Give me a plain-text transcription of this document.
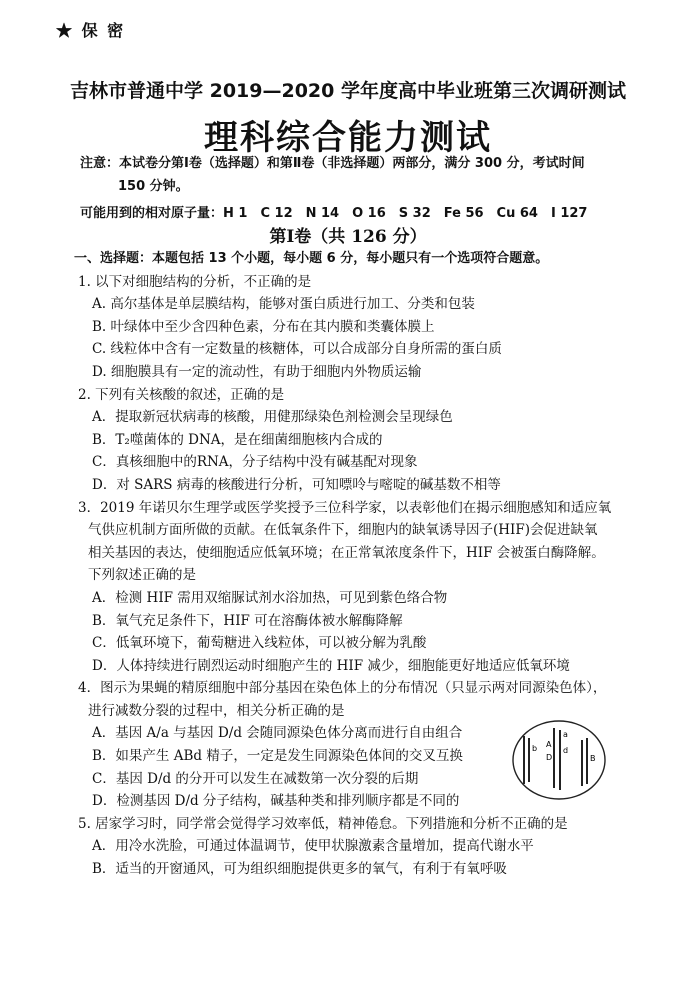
★ 保 密
吉林市普通中学 2019—2020 学年度高中毕业班第三次调研测试
理科综合能力测试
注意：本试卷分第Ⅰ卷（选择题）和第Ⅱ卷（非选择题）两部分，满分 300 分，考试时间
150 分钟。
可能用到的相对原子量：H 1　C 12　N 14　O 16　S 32　Fe 56　Cu 64　I 127
第Ⅰ卷（共 126 分）
一、选择题：本题包括 13 个小题，每小题 6 分，每小题只有一个选项符合题意。
1. 以下对细胞结构的分析，不正确的是
A. 高尔基体是单层膜结构，能够对蛋白质进行加工、分类和包装
B. 叶绿体中至少含四种色素，分布在其内膜和类囊体膜上
C. 线粒体中含有一定数量的核糖体，可以合成部分自身所需的蛋白质
D. 细胞膜具有一定的流动性，有助于细胞内外物质运输
2. 下列有关核酸的叙述，正确的是
A．提取新冠状病毒的核酸，用健那绿染色剂检测会呈现绿色
B．T₂噬菌体的 DNA，是在细菌细胞核内合成的
C．真核细胞中的RNA，分子结构中没有碱基配对现象
D．对 SARS 病毒的核酸进行分析，可知嘌呤与嘧啶的碱基数不相等
3．2019 年诺贝尔生理学或医学奖授予三位科学家，以表彰他们在揭示细胞感知和适应氧
气供应机制方面所做的贡献。在低氧条件下，细胞内的缺氧诱导因子(HIF)会促进缺氧
相关基因的表达，使细胞适应低氧环境；在正常氧浓度条件下，HIF 会被蛋白酶降解。
下列叙述正确的是
A．检测 HIF 需用双缩脲试剂水浴加热，可见到紫色络合物
B．氧气充足条件下，HIF 可在溶酶体被水解酶降解
C．低氧环境下，葡萄糖进入线粒体，可以被分解为乳酸
D．人体持续进行剧烈运动时细胞产生的 HIF 减少，细胞能更好地适应低氧环境
4．图示为果蝇的精原细胞中部分基因在染色体上的分布情况（只显示两对同源染色体），
进行减数分裂的过程中，相关分析正确的是
A．基因 A/a 与基因 D/d 会随同源染色体分离而进行自由组合
B．如果产生 ABd 精子，一定是发生同源染色体间的交叉互换
C．基因 D/d 的分开可以发生在减数第一次分裂的后期
D．检测基因 D/d 分子结构，碱基种类和排列顺序都是不同的
5. 居家学习时，同学常会觉得学习效率低，精神倦怠。下列措施和分析不正确的是
A．用冷水洗脸，可通过体温调节，使甲状腺激素含量增加，提高代谢水平
B．适当的开窗通风，可为组织细胞提供更多的氧气，有利于有氧呼吸
b A
a
D
d
B
